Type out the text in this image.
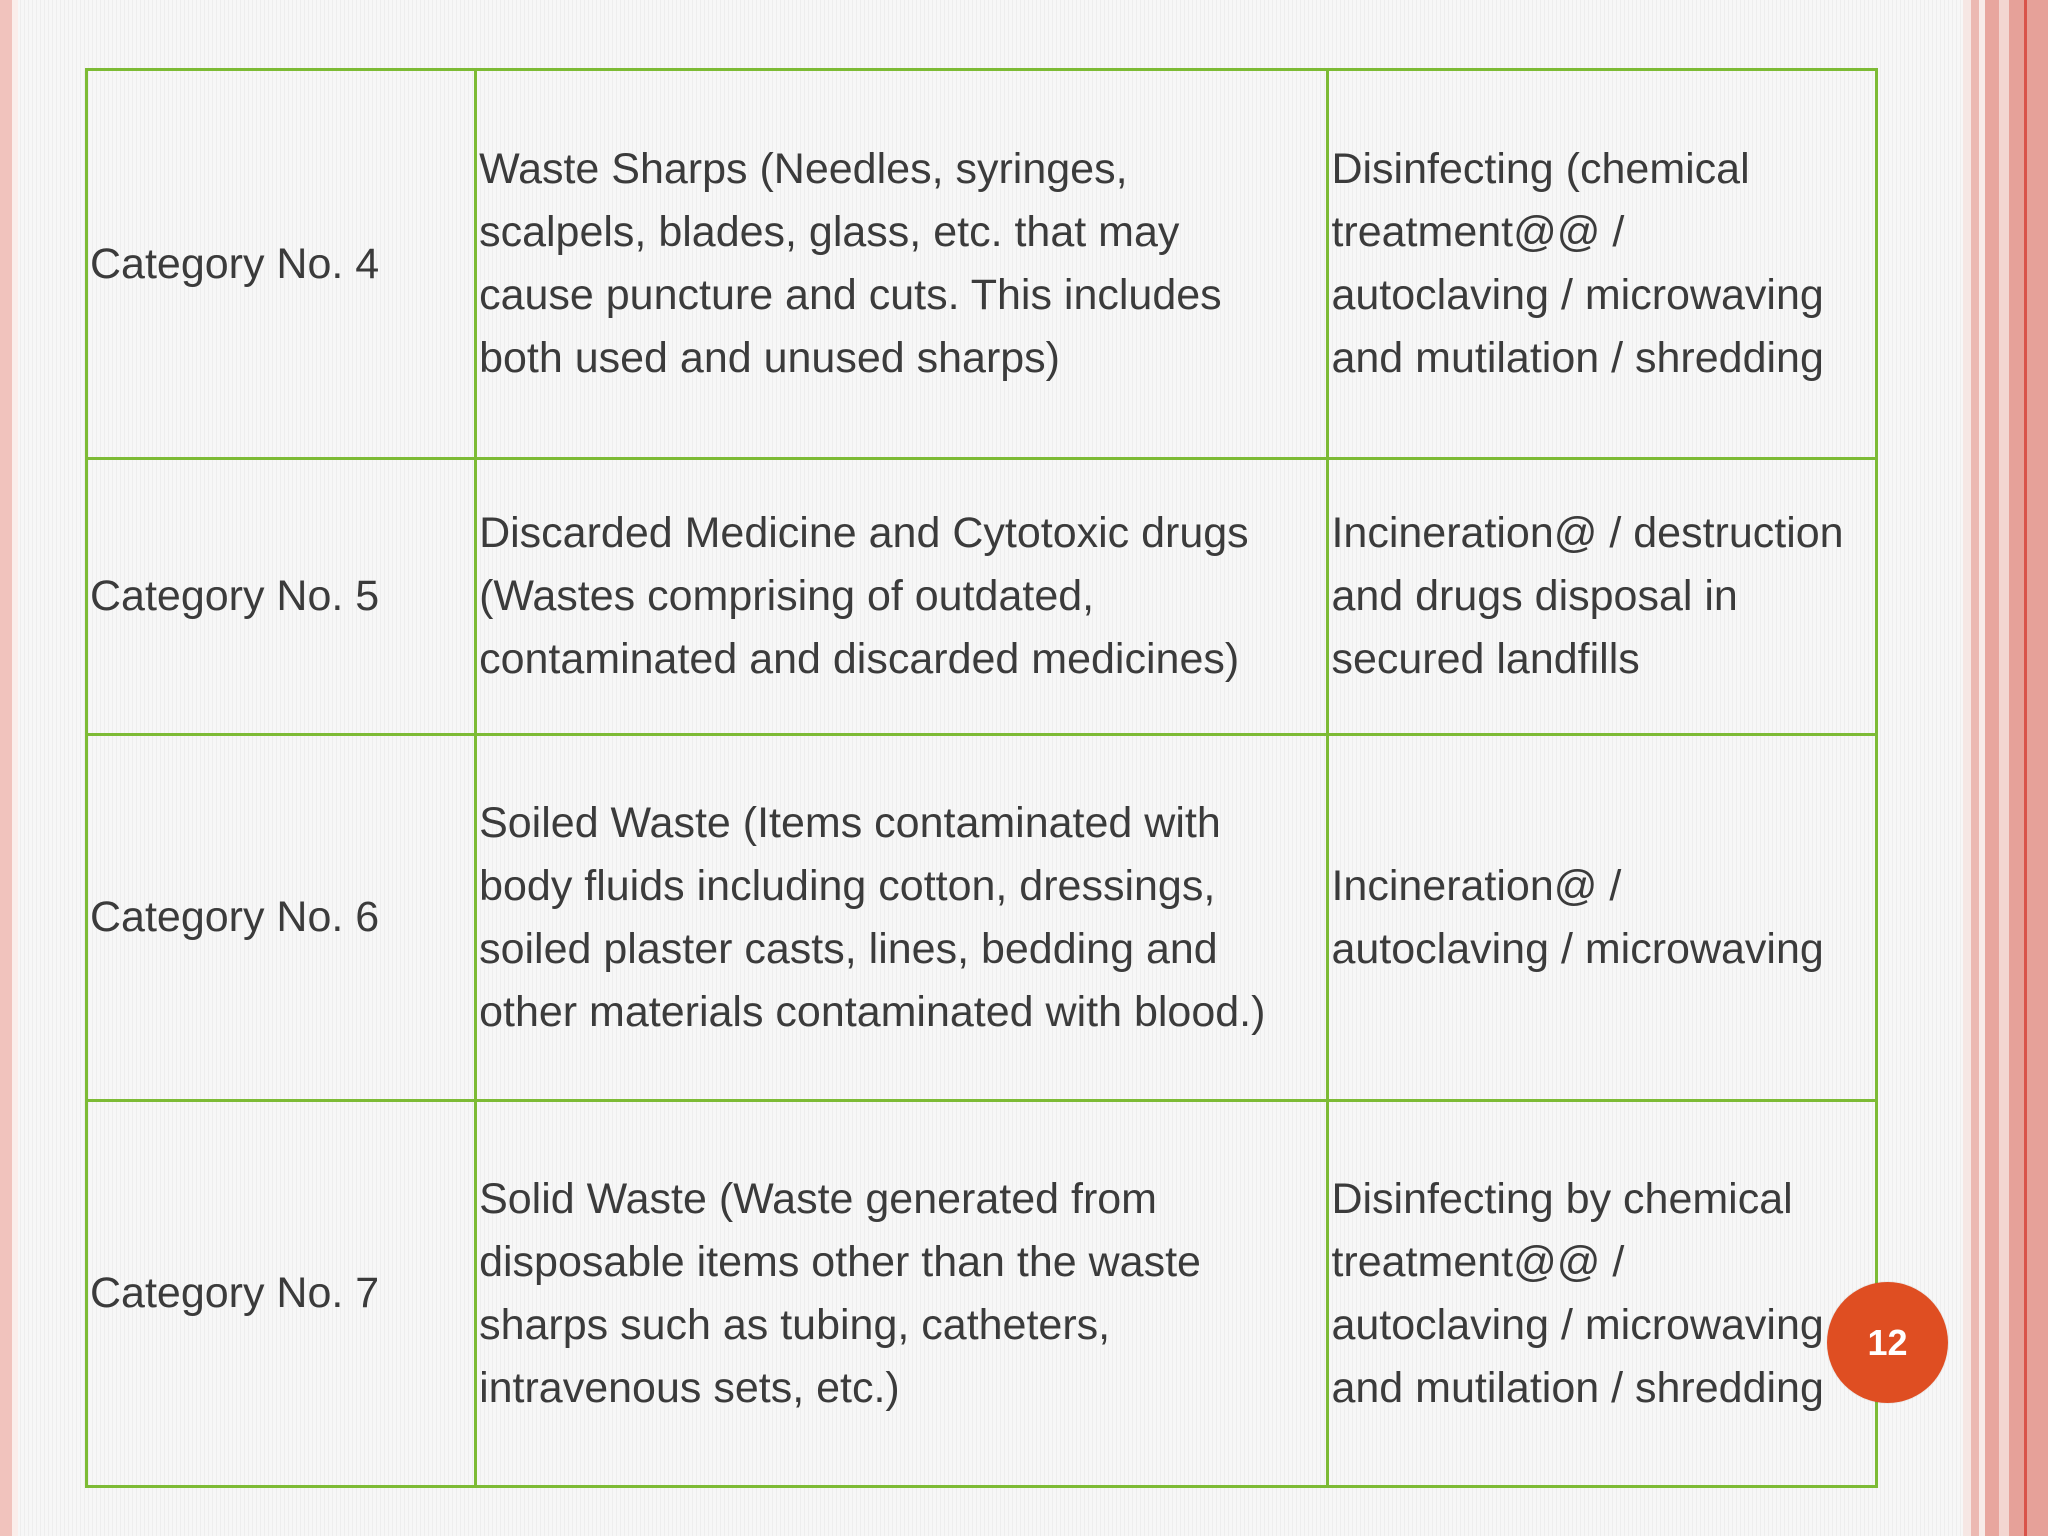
Category No. 4	Waste Sharps (Needles, syringes,
scalpels, blades, glass, etc. that may
cause puncture and cuts. This includes
both used and unused sharps)	Disinfecting (chemical
treatment@@ /
autoclaving / microwaving
and mutilation / shredding

Category No. 5	Discarded Medicine and Cytotoxic drugs
(Wastes comprising of outdated,
contaminated and discarded medicines)	Incineration@ / destruction
and drugs disposal in
secured landfills

Category No. 6	Soiled Waste (Items contaminated with
body fluids including cotton, dressings,
soiled plaster casts, lines, bedding and
other materials contaminated with blood.)	Incineration@ /
autoclaving / microwaving

Category No. 7	Solid Waste (Waste generated from
disposable items other than the waste
sharps such as tubing, catheters,
intravenous sets, etc.)	Disinfecting by chemical
treatment@@ /
autoclaving / microwaving
and mutilation / shredding
12
